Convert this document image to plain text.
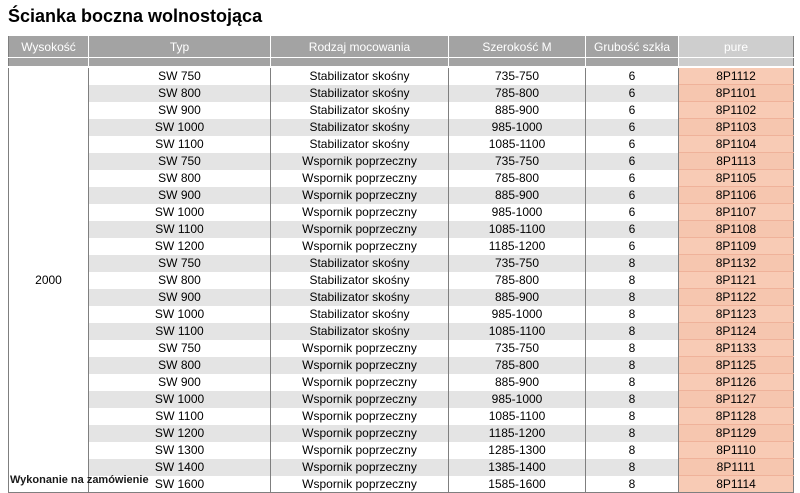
Ścianka boczna wolnostojąca
Wysokość	Typ	Rodzaj mocowania	Szerokość M	Grubość szkła	pure

2000	SW 750	Stabilizator skośny	735-750	6	8P1112
	SW 800	Stabilizator skośny	785-800	6	8P1101
	SW 900	Stabilizator skośny	885-900	6	8P1102
	SW 1000	Stabilizator skośny	985-1000	6	8P1103
	SW 1100	Stabilizator skośny	1085-1100	6	8P1104
	SW 750	Wspornik poprzeczny	735-750	6	8P1113
	SW 800	Wspornik poprzeczny	785-800	6	8P1105
	SW 900	Wspornik poprzeczny	885-900	6	8P1106
	SW 1000	Wspornik poprzeczny	985-1000	6	8P1107
	SW 1100	Wspornik poprzeczny	1085-1100	6	8P1108
	SW 1200	Wspornik poprzeczny	1185-1200	6	8P1109
	SW 750	Stabilizator skośny	735-750	8	8P1132
	SW 800	Stabilizator skośny	785-800	8	8P1121
	SW 900	Stabilizator skośny	885-900	8	8P1122
	SW 1000	Stabilizator skośny	985-1000	8	8P1123
	SW 1100	Stabilizator skośny	1085-1100	8	8P1124
	SW 750	Wspornik poprzeczny	735-750	8	8P1133
	SW 800	Wspornik poprzeczny	785-800	8	8P1125
	SW 900	Wspornik poprzeczny	885-900	8	8P1126
	SW 1000	Wspornik poprzeczny	985-1000	8	8P1127
	SW 1100	Wspornik poprzeczny	1085-1100	8	8P1128
	SW 1200	Wspornik poprzeczny	1185-1200	8	8P1129
	SW 1300	Wspornik poprzeczny	1285-1300	8	8P1110
	SW 1400	Wspornik poprzeczny	1385-1400	8	8P1111
	SW 1600	Wspornik poprzeczny	1585-1600	8	8P1114
Wykonanie na zamówienie
